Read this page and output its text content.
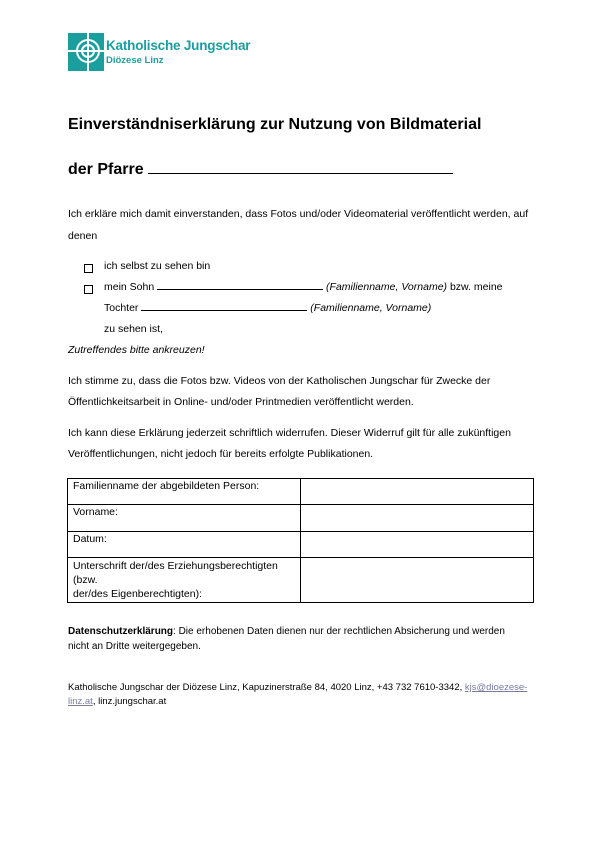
Katholische Jungschar
Diözese Linz
Einverständniserklärung zur Nutzung von Bildmaterial
der Pfarre
Ich erkläre mich damit einverstanden, dass Fotos und/oder Videomaterial veröffentlicht werden, auf
denen
ich selbst zu sehen bin
mein Sohn	(Familienname, Vorname) bzw. meine
Tochter	(Familienname, Vorname)
zu sehen ist,
Zutreffendes bitte ankreuzen!
Ich stimme zu, dass die Fotos bzw. Videos von der Katholischen Jungschar für Zwecke der
Öffentlichkeitsarbeit in Online- und/oder Printmedien veröffentlicht werden.
Ich kann diese Erklärung jederzeit schriftlich widerrufen. Dieser Widerruf gilt für alle zukünftigen
Veröffentlichungen, nicht jedoch für bereits erfolgte Publikationen.
Familienname der abgebildeten Person:	
Vorname:	
Datum:	
Unterschrift der/des Erziehungsberechtigten (bzw.
der/des Eigenberechtigten):	
Datenschutzerklärung: Die erhobenen Daten dienen nur der rechtlichen Absicherung und werden
nicht an Dritte weitergegeben.
Katholische Jungschar der Diözese Linz, Kapuzinerstraße 84, 4020 Linz, +43 732 7610-3342, kjs@dioezese-
linz.at, linz.jungschar.at
